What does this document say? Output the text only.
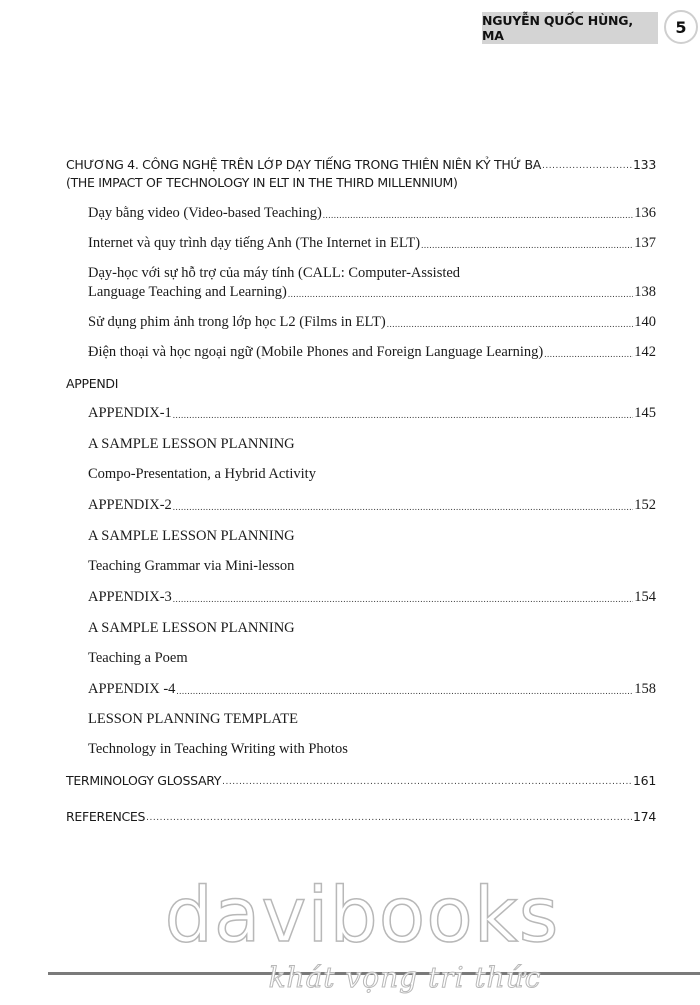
NGUYỄN QUỐC HÙNG, MA	5
CHƯƠNG 4. CÔNG NGHỆ TRÊN LỚP DẠY TIẾNG TRONG THIÊN NIÊN KỶ THỨ BA .....	133
(THE IMPACT OF TECHNOLOGY IN ELT IN THE THIRD MILLENNIUM)
Dạy bằng video (Video-based Teaching) .....	136
Internet và quy trình dạy tiếng Anh (The Internet in ELT) .....	137
Dạy-học với sự hỗ trợ của máy tính (CALL: Computer-Assisted
Language Teaching and Learning) .....	138
Sử dụng phim ảnh trong lớp học L2 (Films in ELT) .....	140
Điện thoại và học ngoại ngữ (Mobile Phones and Foreign Language Learning) .....	142
APPENDI
APPENDIX-1 .....	145
A SAMPLE LESSON PLANNING
Compo-Presentation, a Hybrid Activity
APPENDIX-2 .....	152
A SAMPLE LESSON PLANNING
Teaching Grammar via Mini-lesson
APPENDIX-3 .....	154
A SAMPLE LESSON PLANNING
Teaching a Poem
APPENDIX -4 .....	158
LESSON PLANNING TEMPLATE
Technology in Teaching Writing with Photos
TERMINOLOGY GLOSSARY .....	161
REFERENCES .....	174
davibooks
khát vọng tri thức
